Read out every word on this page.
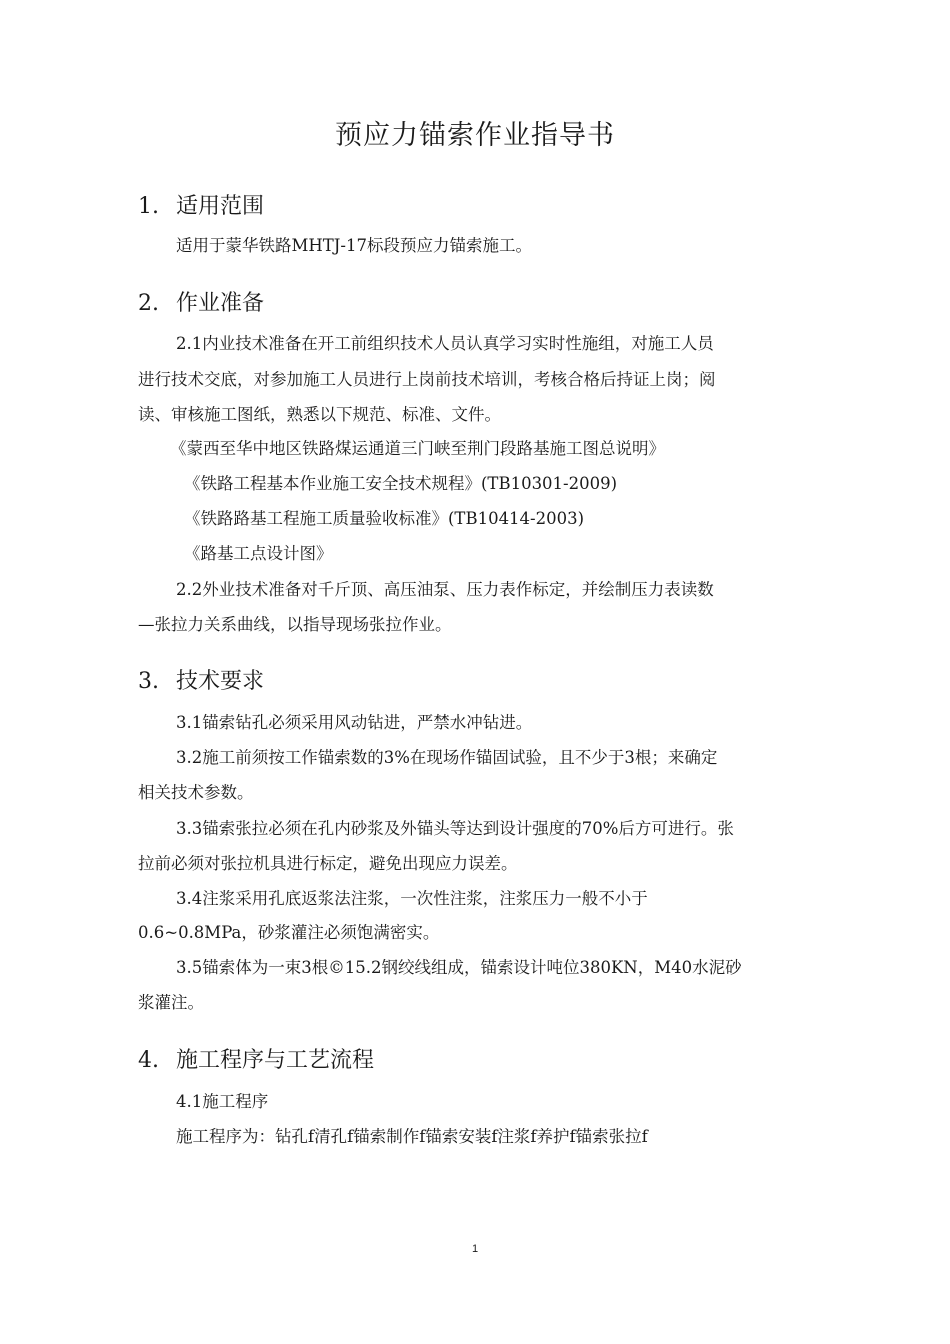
预应力锚索作业指导书
1. 适用范围
适用于蒙华铁路MHTJ-17标段预应力锚索施工。
2. 作业准备
2.1内业技术准备在开工前组织技术人员认真学习实时性施组，对施工人员
进行技术交底，对参加施工人员进行上岗前技术培训，考核合格后持证上岗；阅
读、审核施工图纸，熟悉以下规范、标准、文件。
《蒙西至华中地区铁路煤运通道三门峡至荆门段路基施工图总说明》
《铁路工程基本作业施工安全技术规程》(TB10301-2009)
《铁路路基工程施工质量验收标准》(TB10414-2003)
《路基工点设计图》
2.2外业技术准备对千斤顶、高压油泵、压力表作标定，并绘制压力表读数
—张拉力关系曲线，以指导现场张拉作业。
3. 技术要求
3.1锚索钻孔必须采用风动钻进，严禁水冲钻进。
3.2施工前须按工作锚索数的3%在现场作锚固试验，且不少于3根；来确定
相关技术参数。
3.3锚索张拉必须在孔内砂浆及外锚头等达到设计强度的70%后方可进行。张
拉前必须对张拉机具进行标定，避免出现应力误差。
3.4注浆采用孔底返浆法注浆，一次性注浆，注浆压力一般不小于
0.6~0.8MPa，砂浆灌注必须饱满密实。
3.5锚索体为一束3根©15.2钢绞线组成，锚索设计吨位380KN，M40水泥砂
浆灌注。
4. 施工程序与工艺流程
4.1施工程序
施工程序为：钻孔f清孔f锚索制作f锚索安装f注浆f养护f锚索张拉f
1
